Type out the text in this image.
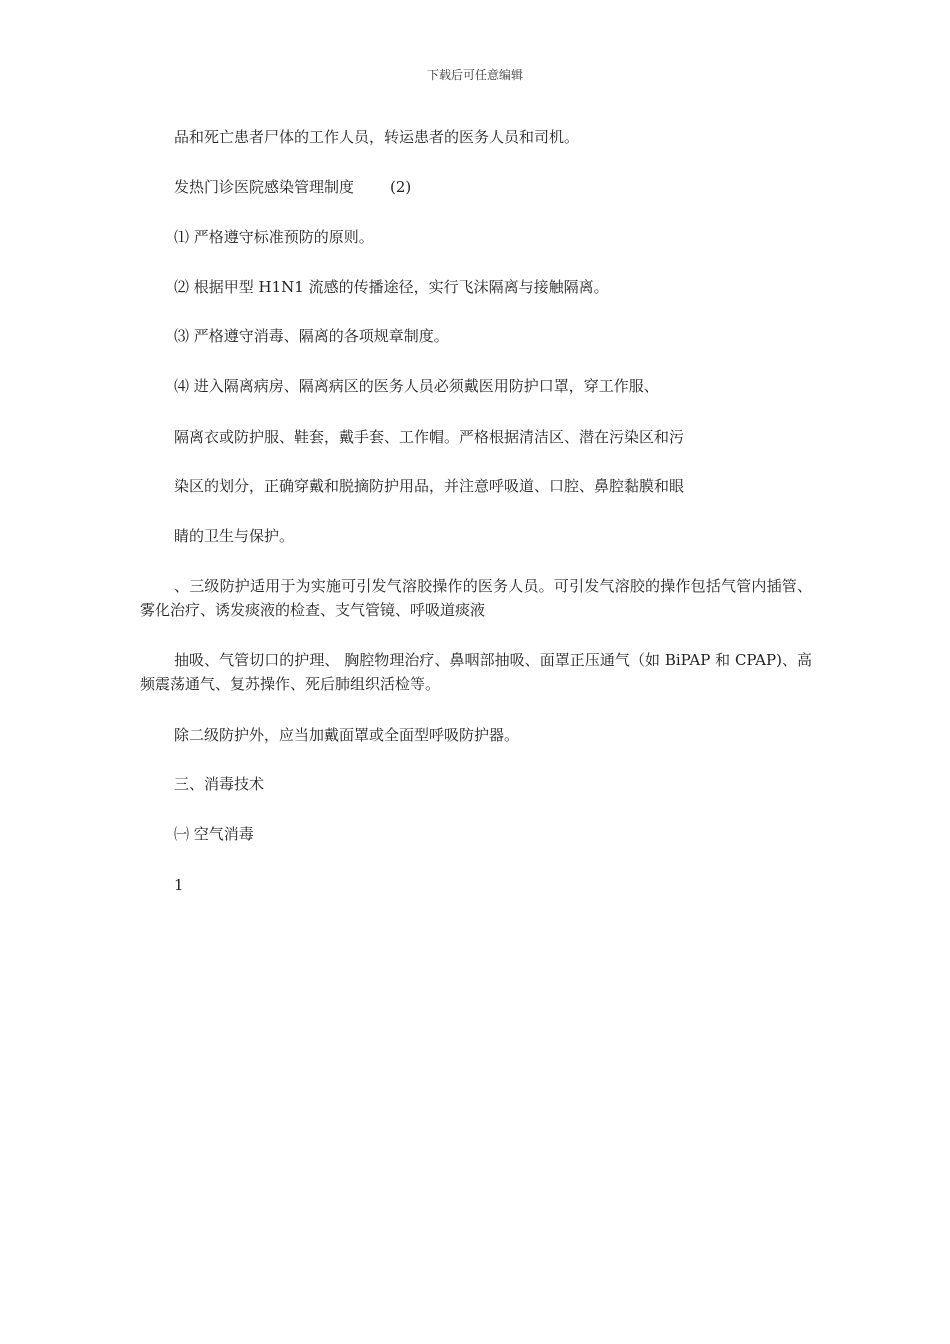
下载后可任意编辑
品和死亡患者尸体的工作人员，转运患者的医务人员和司机。
发热门诊医院感染管理制度 (2)
⑴ 严格遵守标准预防的原则。
⑵ 根据甲型 H1N1 流感的传播途径，实行飞沫隔离与接触隔离。
⑶ 严格遵守消毒、隔离的各项规章制度。
⑷ 进入隔离病房、隔离病区的医务人员必须戴医用防护口罩，穿工作服、
隔离衣或防护服、鞋套，戴手套、工作帽。严格根据清洁区、潜在污染区和污
染区的划分，正确穿戴和脱摘防护用品，并注意呼吸道、口腔、鼻腔黏膜和眼
睛的卫生与保护。

、三级防护适用于为实施可引发气溶胶操作的医务人员。可引发气溶胶的操作包括气管内插管、雾化治疗、诱发痰液的检查、支气管镜、呼吸道痰液

抽吸、气管切口的护理、 胸腔物理治疗、鼻咽部抽吸、面罩正压通气（如 BiPAP 和 CPAP)、高频震荡通气、复苏操作、死后肺组织活检等。

除二级防护外，应当加戴面罩或全面型呼吸防护器。
三、消毒技术
㈠ 空气消毒
1
